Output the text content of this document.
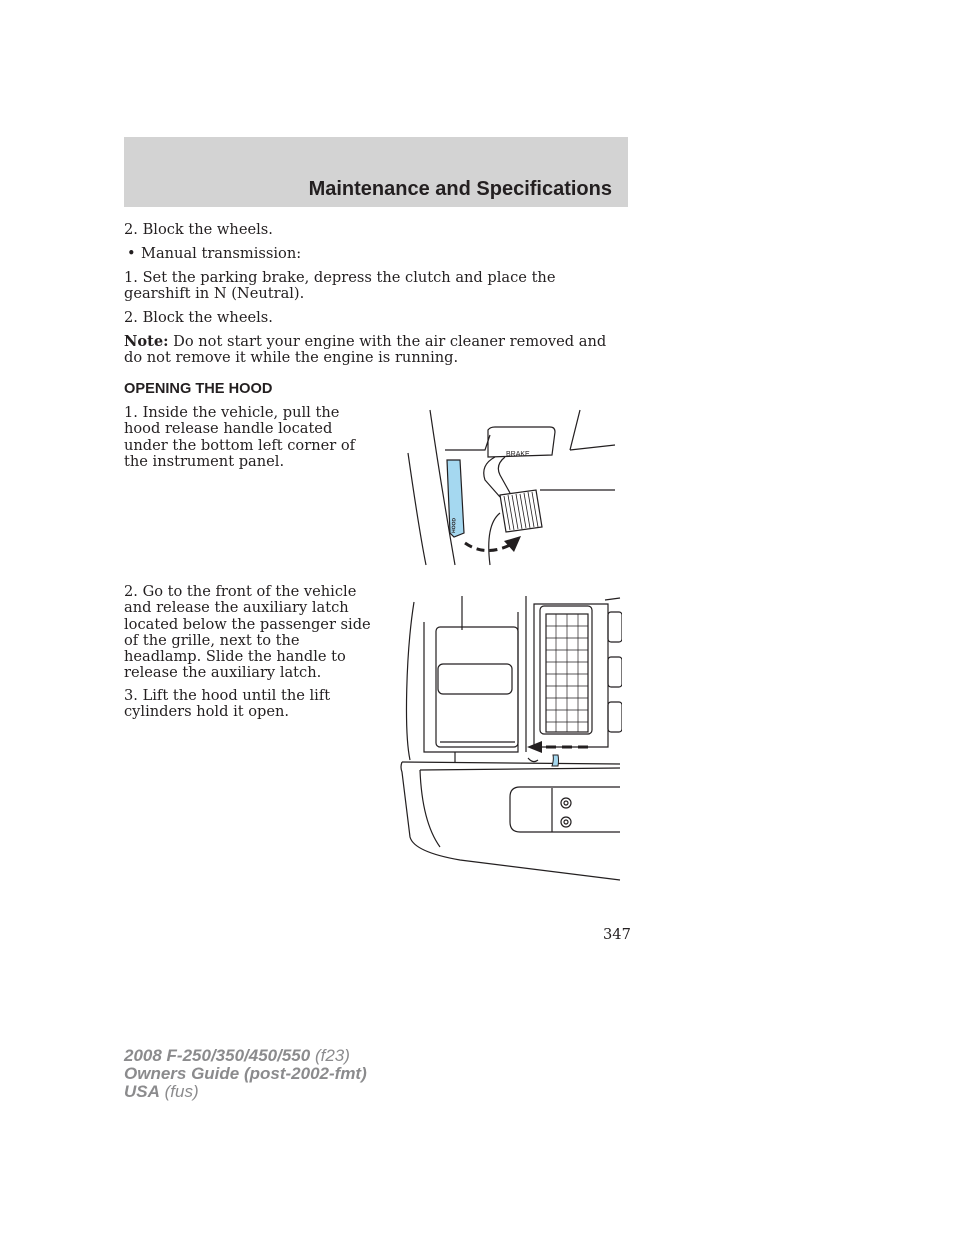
Maintenance and Specifications

2. Block the wheels.

• Manual transmission:

1. Set the parking brake, depress the clutch and place the gearshift in N (Neutral).

2. Block the wheels.

Note: Do not start your engine with the air cleaner removed and do not remove it while the engine is running.

OPENING THE HOOD

1. Inside the vehicle, pull the hood release handle located under the bottom left corner of the instrument panel.

2. Go to the front of the vehicle and release the auxiliary latch located below the passenger side of the grille, next to the headlamp. Slide the handle to release the auxiliary latch.

3. Lift the hood until the lift cylinders hold it open.

BRAKE
HOOD
347
2008 F-250/350/450/550 (f23)
Owners Guide (post-2002-fmt)
USA (fus)
